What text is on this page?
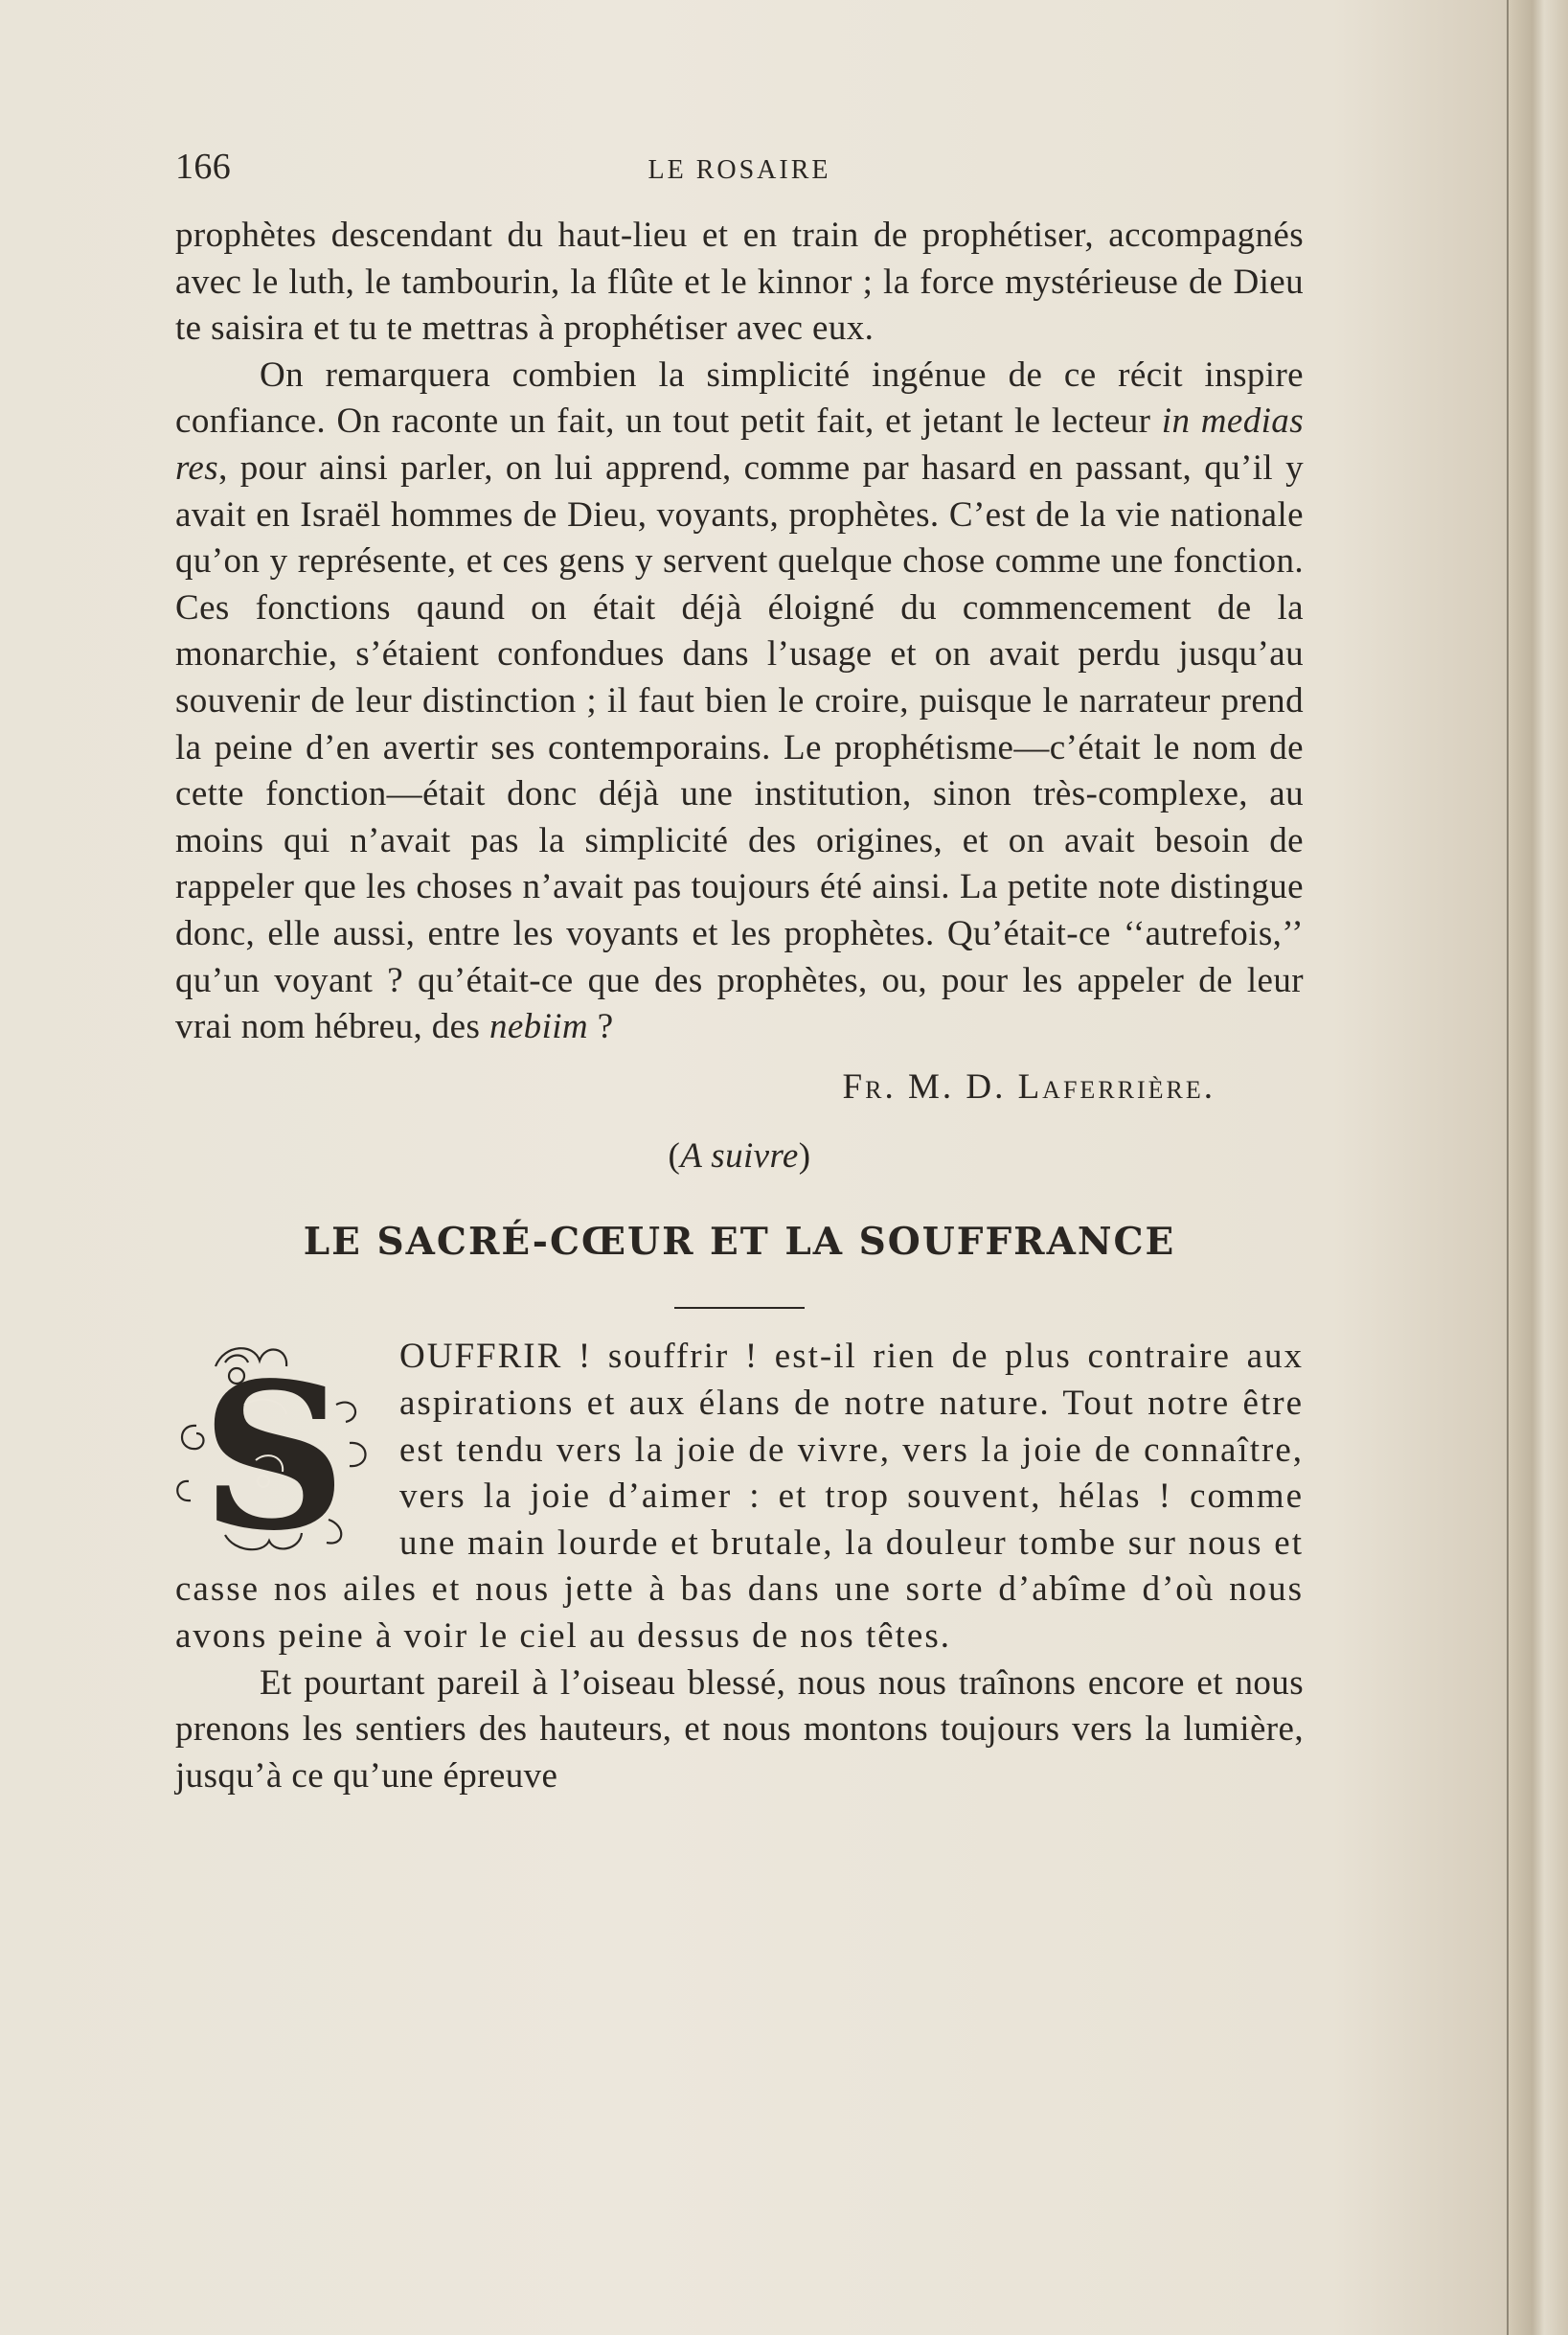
166	LE ROSAIRE

prophètes descendant du haut-lieu et en train de prophétiser, accompagnés avec le luth, le tambourin, la flûte et le kinnor ; la force mystérieuse de Dieu te saisira et tu te mettras à prophétiser avec eux.

On remarquera combien la simplicité ingénue de ce récit inspire confiance. On raconte un fait, un tout petit fait, et jetant le lecteur in medias res, pour ainsi parler, on lui apprend, comme par hasard en passant, qu’il y avait en Israël hommes de Dieu, voyants, prophètes. C’est de la vie nationale qu’on y représente, et ces gens y servent quelque chose comme une fonction. Ces fonctions qaund on était déjà éloigné du commencement de la monarchie, s’étaient confondues dans l’usage et on avait perdu jusqu’au souvenir de leur distinction ; il faut bien le croire, puisque le narrateur prend la peine d’en avertir ses contemporains. Le prophétisme—c’était le nom de cette fonction—était donc déjà une institution, sinon très-complexe, au moins qui n’avait pas la simplicité des origines, et on avait besoin de rappeler que les choses n’avait pas toujours été ainsi. La petite note distingue donc, elle aussi, entre les voyants et les prophètes. Qu’était-ce ‘‘autrefois,’’ qu’un voyant ? qu’était-ce que des prophètes, ou, pour les appeler de leur vrai nom hébreu, des nebiim ?

Fr. M. D. Laferrière.

(A suivre)

LE SACRÉ-CŒUR ET LA SOUFFRANCE
S	OUFFRIR ! souffrir ! est-il rien de plus contraire aux aspirations et aux élans de notre nature. Tout notre être est tendu vers la joie de vivre, vers la joie de connaître, vers la joie d’aimer : et trop souvent, hélas ! comme une main lourde et brutale, la douleur tombe sur nous et casse nos ailes et nous jette à bas dans une sorte d’abîme d’où nous avons peine à voir le ciel au dessus de nos têtes.

Et pourtant pareil à l’oiseau blessé, nous nous traînons encore et nous prenons les sentiers des hauteurs, et nous montons toujours vers la lumière, jusqu’à ce qu’une épreuve
